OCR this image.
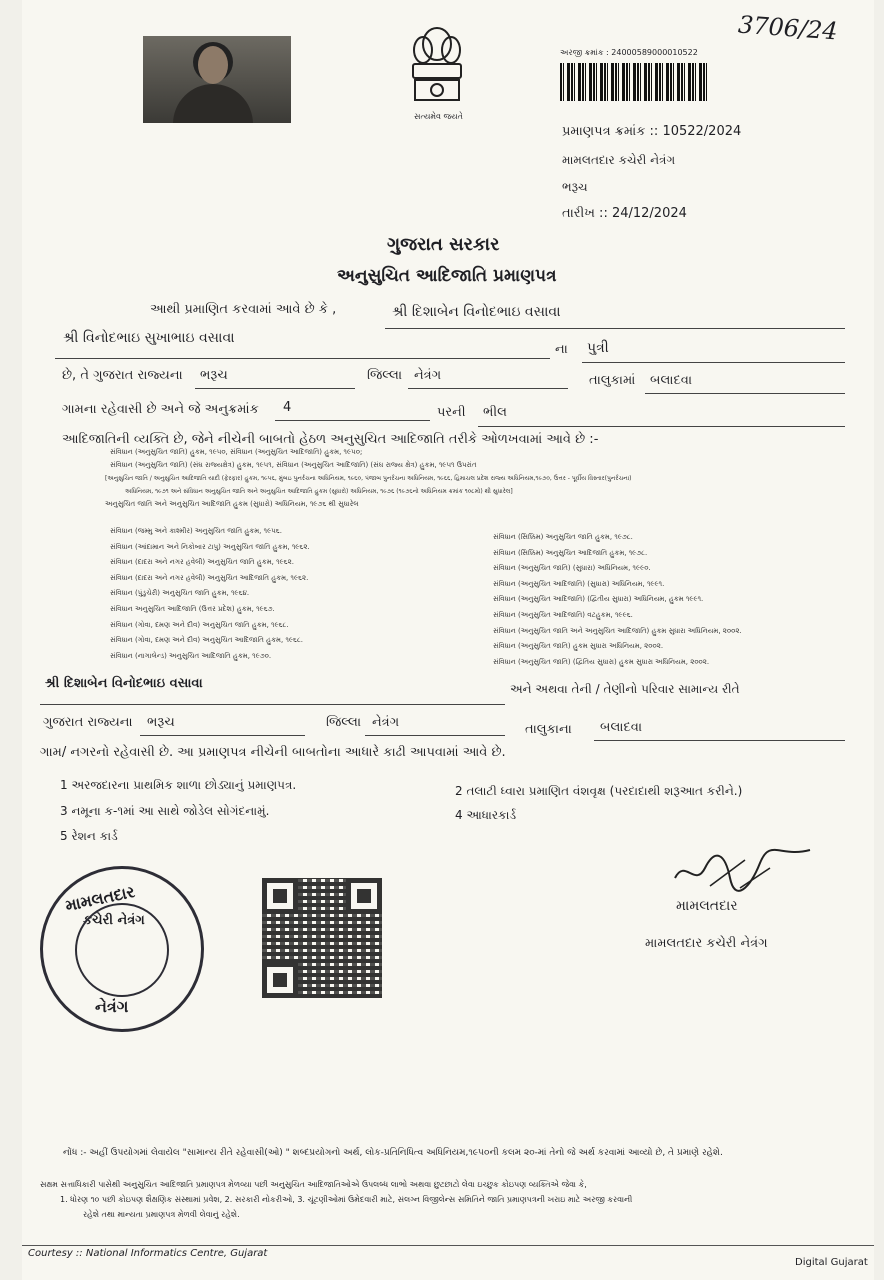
સત્યમેવ જયતે
3706/24
અરજી ક્રમાંક : 24000589000010522
પ્રમાણપત્ર ક્રમાંક :: 10522/2024
મામલતદાર કચેરી નેત્રંગ
ભરૂચ
તારીખ :: 24/12/2024
ગુજરાત સરકાર
અનુસુચિત આદિજાતિ પ્રમાણપત્ર
આથી પ્રમાણિત કરવામાં આવે છે કે ,	શ્રી દિશાબેન વિનોદભાઇ વસાવા
શ્રી વિનોદભાઇ સુખાભાઇ વસાવા
ના પુત્રી
છે, તે ગુજરાત રાજ્યના ભરૂચ	જિલ્લા નેત્રંગ	તાલુકામાં બલાદવા
ગામના રહેવાસી છે અને જે અનુક્રમાંક 4	પરની ભીલ
આદિજાતિની વ્યક્તિ છે, જેને નીચેની બાબતો હેઠળ અનુસુચિત આદિજાતિ તરીકે ઓળખવામાં આવે છે :-
સંવિધાન (અનુસુચિત જાતિ) હુકમ, ૧૯૫૦, સંવિધાન (અનુસુચિત આદિજાતિ) હુકમ, ૧૯૫૦;
સંવિધાન (અનુસુચિત જાતિ) (સંઘ રાજ્યક્ષેત્ર) હુકમ, ૧૯૫૧, સંવિધાન (અનુસુચિત આદિજાતિ) (સંઘ રાજ્ય ક્ષેત્ર) હુકમ, ૧૯૫૧ ઉપરાંત
[અનુસુચિત જાતિ / અનુસુચિત આદિજાતિ યાદી (ફેરફાર) હુકમ, ૧૯૫૬, મુંબઇ પુનર્રચના અધિનિયમ, ૧૯૬૦, પંજાબ પુનર્રચના અધિનિયમ, ૧૯૬૬, હિમાચલ પ્રદેશ રાજ્ય અધિનિયમ,૧૯૭૦, ઉત્તર - પૂર્વીય વિસ્તાર(પુનર્રચના)
અધિનિયમ, ૧૯૭૧ અને સંવિધાન અનુસુચિત જાતિ અને અનુસુચિત આદિજાતિ હુકમ (સુધારો) અધિનિયમ, ૧૯૭૬ (૧૯૭૬નો અધિનિયમ ક્રમાંક ૧૦૮મો) થી સુધારેલ]
અનુસુચિત જાતિ અને અનુસુચિત આદિજાતિ હુકમ (સુધારો) અધિનિયમ, ૧૯૭૬ થી સુધારેલ
સંવિધાન (જમ્મુ અને કાશ્મીર) અનુસુચિત જાતિ હુકમ, ૧૯૫૬.
સંવિધાન (આંદામાન અને નિકોબાર ટાપુ) અનુસુચિત જાતિ હુકમ, ૧૯૬૨.
સંવિધાન (દાદરા અને નગર હવેલી) અનુસુચિત જાતિ હુકમ, ૧૯૬૨.
સંવિધાન (દાદરા અને નગર હવેલી) અનુસુચિત આદિજાતિ હુકમ, ૧૯૬૨.
સંવિધાન (પુંડુચેરી) અનુસુચિત જાતિ હુકમ, ૧૯૬૪.
સંવિધાન અનુસુચિત આદિજાતિ (ઉત્તર પ્રદેશ) હુકમ, ૧૯૬૭.
સંવિધાન (ગોવા, દમણ અને દીવ) અનુસુચિત જાતિ હુકમ, ૧૯૬૮.
સંવિધાન (ગોવા, દમણ અને દીવ) અનુસુચિત આદિજાતિ હુકમ, ૧૯૬૮.
સંવિધાન (નાગાલેન્ડ) અનુસુચિત આદિજાતિ હુકમ, ૧૯૭૦.
સંવિધાન (સિક્કિમ) અનુસુચિત જાતિ હુકમ, ૧૯૭૮.
સંવિધાન (સિક્કિમ) અનુસુચિત આદિજાતિ હુકમ, ૧૯૭૮.
સંવિધાન (અનુસુચિત જાતિ) (સુધારા) અધિનિયમ, ૧૯૯૦.
સંવિધાન (અનુસુચિત આદિજાતિ) (સુધારા) અધિનિયમ, ૧૯૯૧.
સંવિધાન (અનુસુચિત આદિજાતિ) (દ્વિતીય સુધારા) અધિનિયમ, હુકમ ૧૯૯૧.
સંવિધાન (અનુસુચિત આદિજાતિ) વટહુકમ, ૧૯૯૬.
સંવિધાન (અનુસુચિત જાતિ અને અનુસુચિત આદિજાતિ) હુકમ સુધારા અધિનિયમ, ૨૦૦૨.
સંવિધાન (અનુસુચિત જાતિ) હુકમ સુધારા અધિનિયમ, ૨૦૦૨.
સંવિધાન (અનુસુચિત જાતિ) (દ્વિતિય સુધારા) હુકમ સુધારા અધિનિયમ, ૨૦૦૨.
શ્રી દિશાબેન વિનોદભાઇ વસાવા	અને અથવા તેની / તેણીનો પરિવાર સામાન્ય રીતે
ગુજરાત રાજ્યના ભરૂચ	જિલ્લા નેત્રંગ	તાલુકાના બલાદવા
ગામ/ નગરનો રહેવાસી છે. આ પ્રમાણપત્ર નીચેની બાબતોના આધારે કાઢી આપવામાં આવે છે.
1 અરજદારના પ્રાથમિક શાળા છોડ્યાનું પ્રમાણપત્ર.	2 તલાટી ધ્વારા પ્રમાણિત વંશવૃક્ષ (પરદાદાથી શરૂઆત કરીને.)
3 નમૂના ક-૧માં આ સાથે જોડેલ સોગંદનામું.	4 આધારકાર્ડ
5 રેશન કાર્ડ
મામલતદાર
કચેરી નેત્રંગ
નેત્રંગ
મામલતદાર
મામલતદાર કચેરી નેત્રંગ
નોંધ :- અહીં ઉપયોગમાં લેવાયેલ "સામાન્ય રીતે રહેવાસી(ઓ) " શબ્દપ્રયોગનો અર્થ, લોક-પ્રતિનિધિત્વ અધિનિયમ,૧૯૫૦ની કલમ ૨૦-માં તેનો જે અર્થ કરવામાં આવ્યો છે, તે પ્રમાણે રહેશે.
સક્ષમ સત્તાધિકારી પાસેથી અનુસુચિત આદિજાતિ પ્રમાણપત્ર મેળવ્યા પછી અનુસુચિત આદિજાતિઓએ ઉપલબ્ધ લાભો અથવા છુટછાટો લેવા ઇચ્છુક કોઇપણ વ્યક્તિએ જેવા કે,
1. ધોરણ ૧૦ પછી કોઇપણ શૈક્ષણિક સંસ્થામાં પ્રવેશ, 2. સરકારી નોકરીઓ, 3. ચૂંટણીઓમાં ઉમેદવારી માટે, સંલગ્ન વિજીલેન્સ સમિતિને જાતિ પ્રમાણપત્રની ખરાઇ માટે અરજી કરવાની
રહેશે તથા માન્યતા પ્રમાણપત્ર મેળવી લેવાનું રહેશે.
Courtesy :: National Informatics Centre, Gujarat
Digital Gujarat
